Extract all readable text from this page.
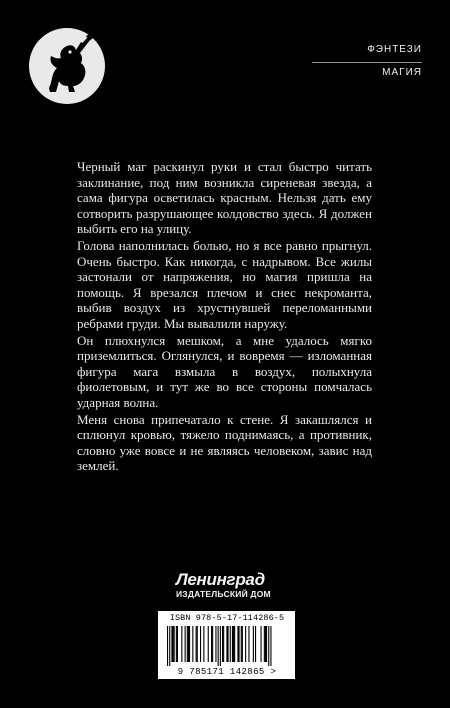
ФЭНТЕЗИ
МАГИЯ

Черный маг раскинул руки и стал быстро читать заклинание, под ним возникла сиреневая звезда, а сама фигура осветилась красным. Нельзя дать ему сотворить разрушающее колдовство здесь. Я должен выбить его на улицу.

Голова наполнилась болью, но я все равно прыгнул. Очень быстро. Как никогда, с надрывом. Все жилы застонали от напряжения, но магия пришла на помощь. Я врезался плечом и снес некроманта, выбив воздух из хрустнувшей переломанными ребрами груди. Мы вывалили наружу.

Он плюхнулся мешком, а мне удалось мягко приземлиться. Оглянулся, и вовремя — изломанная фигура мага взмыла в воздух, полыхнула фиолетовым, и тут же во все стороны помчалась ударная волна.

Меня снова припечатало к стене. Я закашлялся и сплюнул кровью, тяжело поднимаясь, а противник, словно уже вовсе и не являясь человеком, завис над землей.

Ленинград
ИЗДАТЕЛЬСКИЙ ДОМ
ISBN 978-5-17-114286-5
9 785171 142865 >
